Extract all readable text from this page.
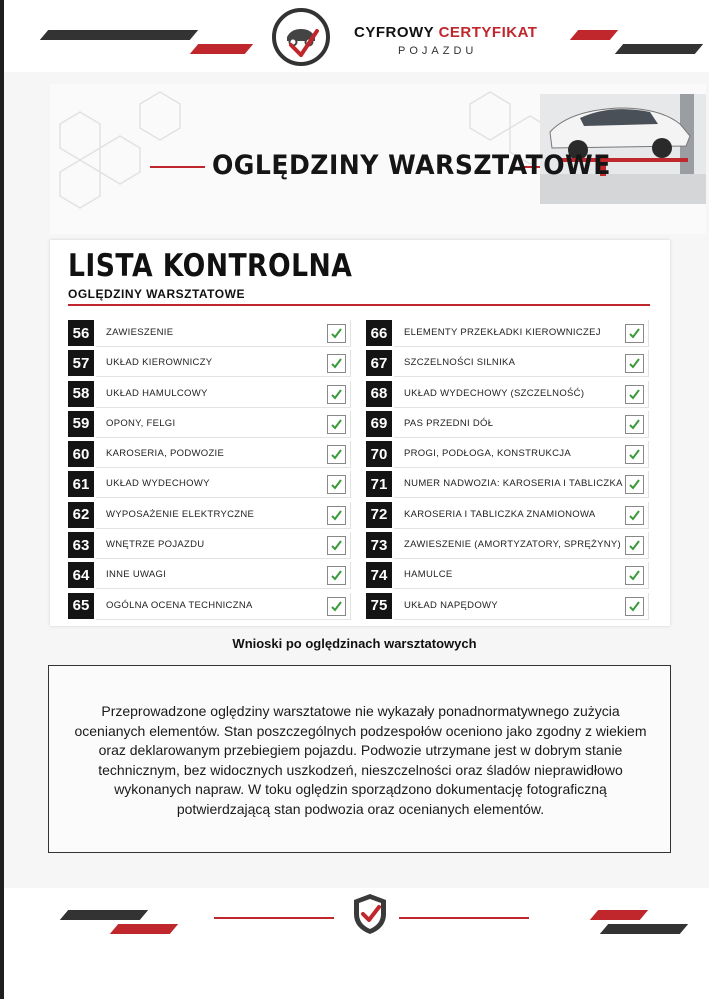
CYFROWY CERTYFIKAT
POJAZDU
OGLĘDZINY WARSZTATOWE
LISTA KONTROLNA
OGLĘDZINY WARSZTATOWE
56	ZAWIESZENIE
57	UKŁAD KIEROWNICZY
58	UKŁAD HAMULCOWY
59	OPONY, FELGI
60	KAROSERIA, PODWOZIE
61	UKŁAD WYDECHOWY
62	WYPOSAŻENIE ELEKTRYCZNE
63	WNĘTRZE POJAZDU
64	INNE UWAGI
65	OGÓLNA OCENA TECHNICZNA
66	ELEMENTY PRZEKŁADKI KIEROWNICZEJ
67	SZCZELNOŚCI SILNIKA
68	UKŁAD WYDECHOWY (SZCZELNOŚĆ)
69	PAS PRZEDNI DÓŁ
70	PROGI, PODŁOGA, KONSTRUKCJA
71	NUMER NADWOZIA: KAROSERIA I TABLICZKA
72	KAROSERIA I TABLICZKA ZNAMIONOWA
73	ZAWIESZENIE (AMORTYZATORY, SPRĘŻYNY)
74	HAMULCE
75	UKŁAD NAPĘDOWY
Wnioski po oględzinach warsztatowych

Przeprowadzone oględziny warsztatowe nie wykazały ponadnormatywnego zużycia ocenianych elementów. Stan poszczególnych podzespołów oceniono jako zgodny z wiekiem oraz deklarowanym przebiegiem pojazdu. Podwozie utrzymane jest w dobrym stanie technicznym, bez widocznych uszkodzeń, nieszczelności oraz śladów nieprawidłowo wykonanych napraw. W toku oględzin sporządzono dokumentację fotograficzną potwierdzającą stan podwozia oraz ocenianych elementów.
